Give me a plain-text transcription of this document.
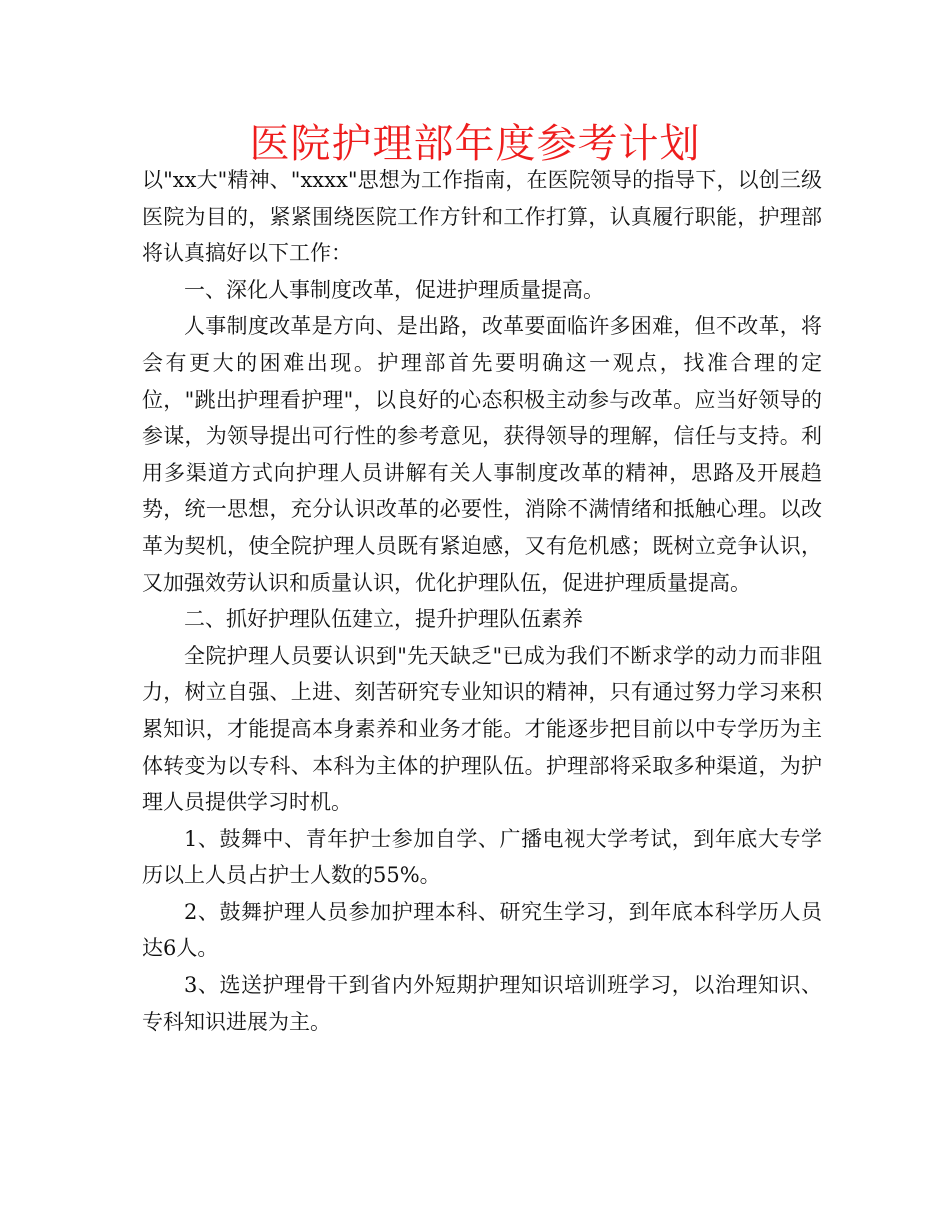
医院护理部年度参考计划

以"xx大"精神、"xxxx"思想为工作指南，在医院领导的指导下，以创三级医院为目的，紧紧围绕医院工作方针和工作打算，认真履行职能，护理部将认真搞好以下工作：

一、深化人事制度改革，促进护理质量提高。

人事制度改革是方向、是出路，改革要面临许多困难，但不改革，将会有更大的困难出现。护理部首先要明确这一观点，找准合理的定位，"跳出护理看护理"，以良好的心态积极主动参与改革。应当好领导的参谋，为领导提出可行性的参考意见，获得领导的理解，信任与支持。利用多渠道方式向护理人员讲解有关人事制度改革的精神，思路及开展趋势，统一思想，充分认识改革的必要性，消除不满情绪和抵触心理。以改革为契机，使全院护理人员既有紧迫感，又有危机感；既树立竞争认识，又加强效劳认识和质量认识，优化护理队伍，促进护理质量提高。

二、抓好护理队伍建立，提升护理队伍素养

全院护理人员要认识到"先天缺乏"已成为我们不断求学的动力而非阻力，树立自强、上进、刻苦研究专业知识的精神，只有通过努力学习来积累知识，才能提高本身素养和业务才能。才能逐步把目前以中专学历为主体转变为以专科、本科为主体的护理队伍。护理部将采取多种渠道，为护理人员提供学习时机。

1、鼓舞中、青年护士参加自学、广播电视大学考试，到年底大专学历以上人员占护士人数的55%。

2、鼓舞护理人员参加护理本科、研究生学习，到年底本科学历人员达6人。

3、选送护理骨干到省内外短期护理知识培训班学习，以治理知识、专科知识进展为主。
